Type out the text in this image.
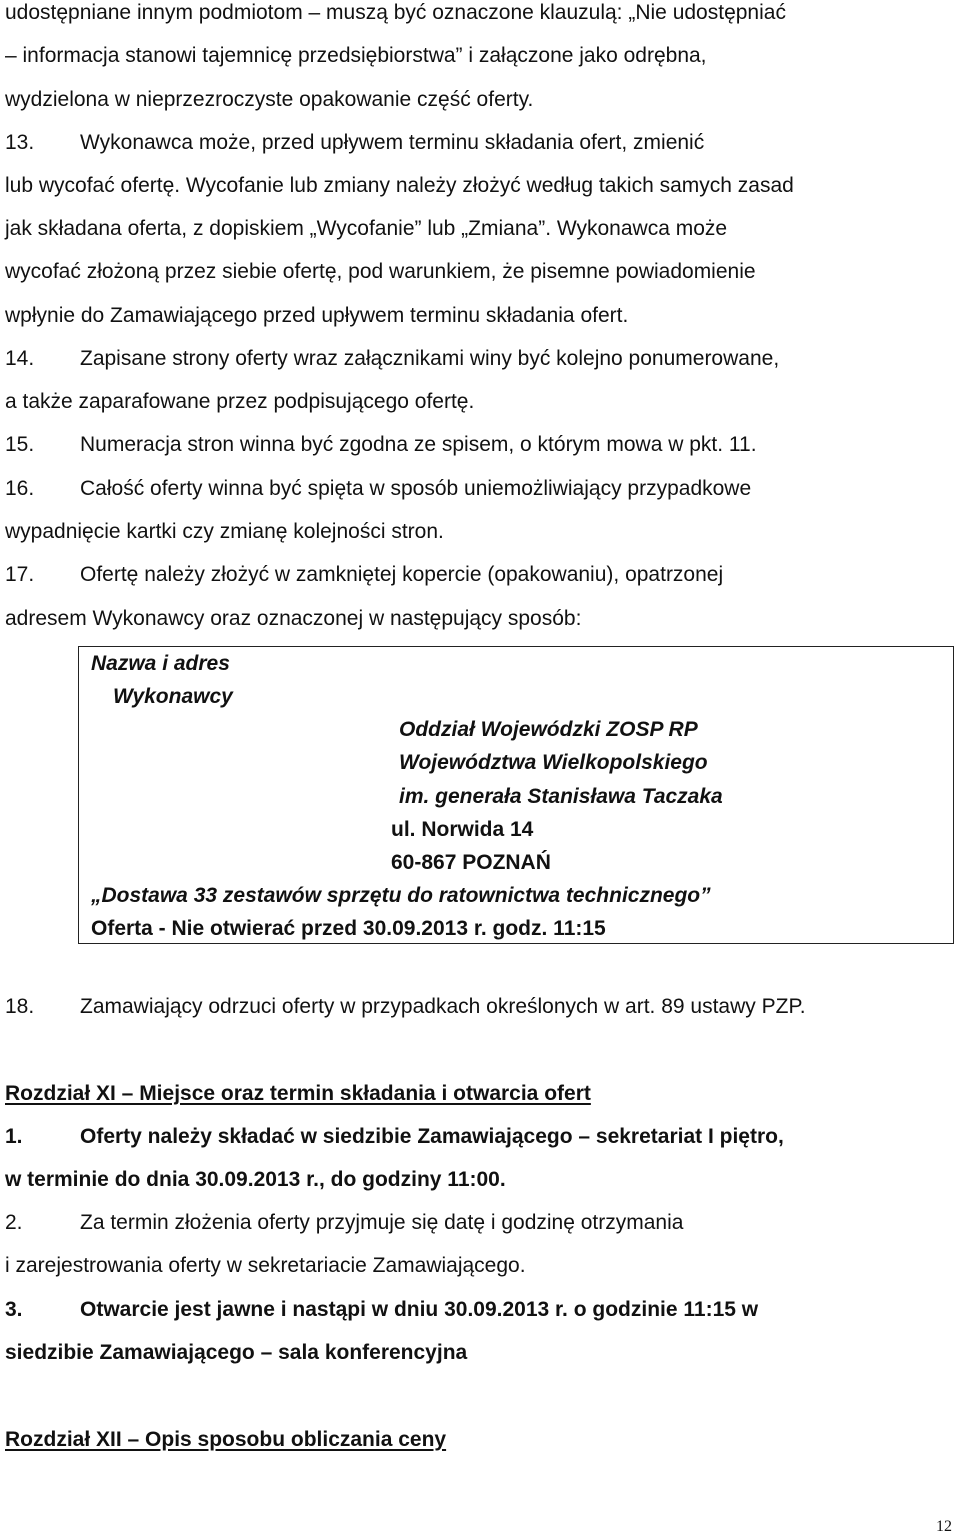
udostępniane innym podmiotom – muszą być oznaczone klauzulą: „Nie udostępniać
– informacja stanowi tajemnicę przedsiębiorstwa” i załączone jako odrębna,
wydzielona w nieprzezroczyste opakowanie część oferty.
13. Wykonawca może, przed upływem terminu składania ofert, zmienić
lub wycofać ofertę. Wycofanie lub zmiany należy złożyć według takich samych zasad
jak składana oferta, z dopiskiem „Wycofanie” lub „Zmiana”. Wykonawca może
wycofać złożoną przez siebie ofertę, pod warunkiem, że pisemne powiadomienie
wpłynie do Zamawiającego przed upływem terminu składania ofert.
14. Zapisane strony oferty wraz załącznikami winy być kolejno ponumerowane,
a także zaparafowane przez podpisującego ofertę.
15. Numeracja stron winna być zgodna ze spisem, o którym mowa w pkt. 11.
16. Całość oferty winna być spięta w sposób uniemożliwiający przypadkowe
wypadnięcie kartki czy zmianę kolejności stron.
17. Ofertę należy złożyć w zamkniętej kopercie (opakowaniu), opatrzonej
adresem Wykonawcy oraz oznaczonej w następujący sposób:
Nazwa i adres
Wykonawcy
Oddział Wojewódzki ZOSP RP
Województwa Wielkopolskiego
im. generała Stanisława Taczaka
ul. Norwida 14
60-867 POZNAŃ
„Dostawa 33 zestawów sprzętu do ratownictwa technicznego”
Oferta - Nie otwierać przed 30.09.2013 r. godz. 11:15
18. Zamawiający odrzuci oferty w przypadkach określonych w art. 89 ustawy PZP.
Rozdział XI – Miejsce oraz termin składania i otwarcia ofert
1.	Oferty należy składać w siedzibie Zamawiającego – sekretariat I piętro,
w terminie do dnia 30.09.2013 r., do godziny 11:00.
2.	Za termin złożenia oferty przyjmuje się datę i godzinę otrzymania
i zarejestrowania oferty w sekretariacie Zamawiającego.
3.	Otwarcie jest jawne i nastąpi w dniu 30.09.2013 r. o godzinie 11:15 w
siedzibie Zamawiającego – sala konferencyjna
Rozdział XII – Opis sposobu obliczania ceny
12
